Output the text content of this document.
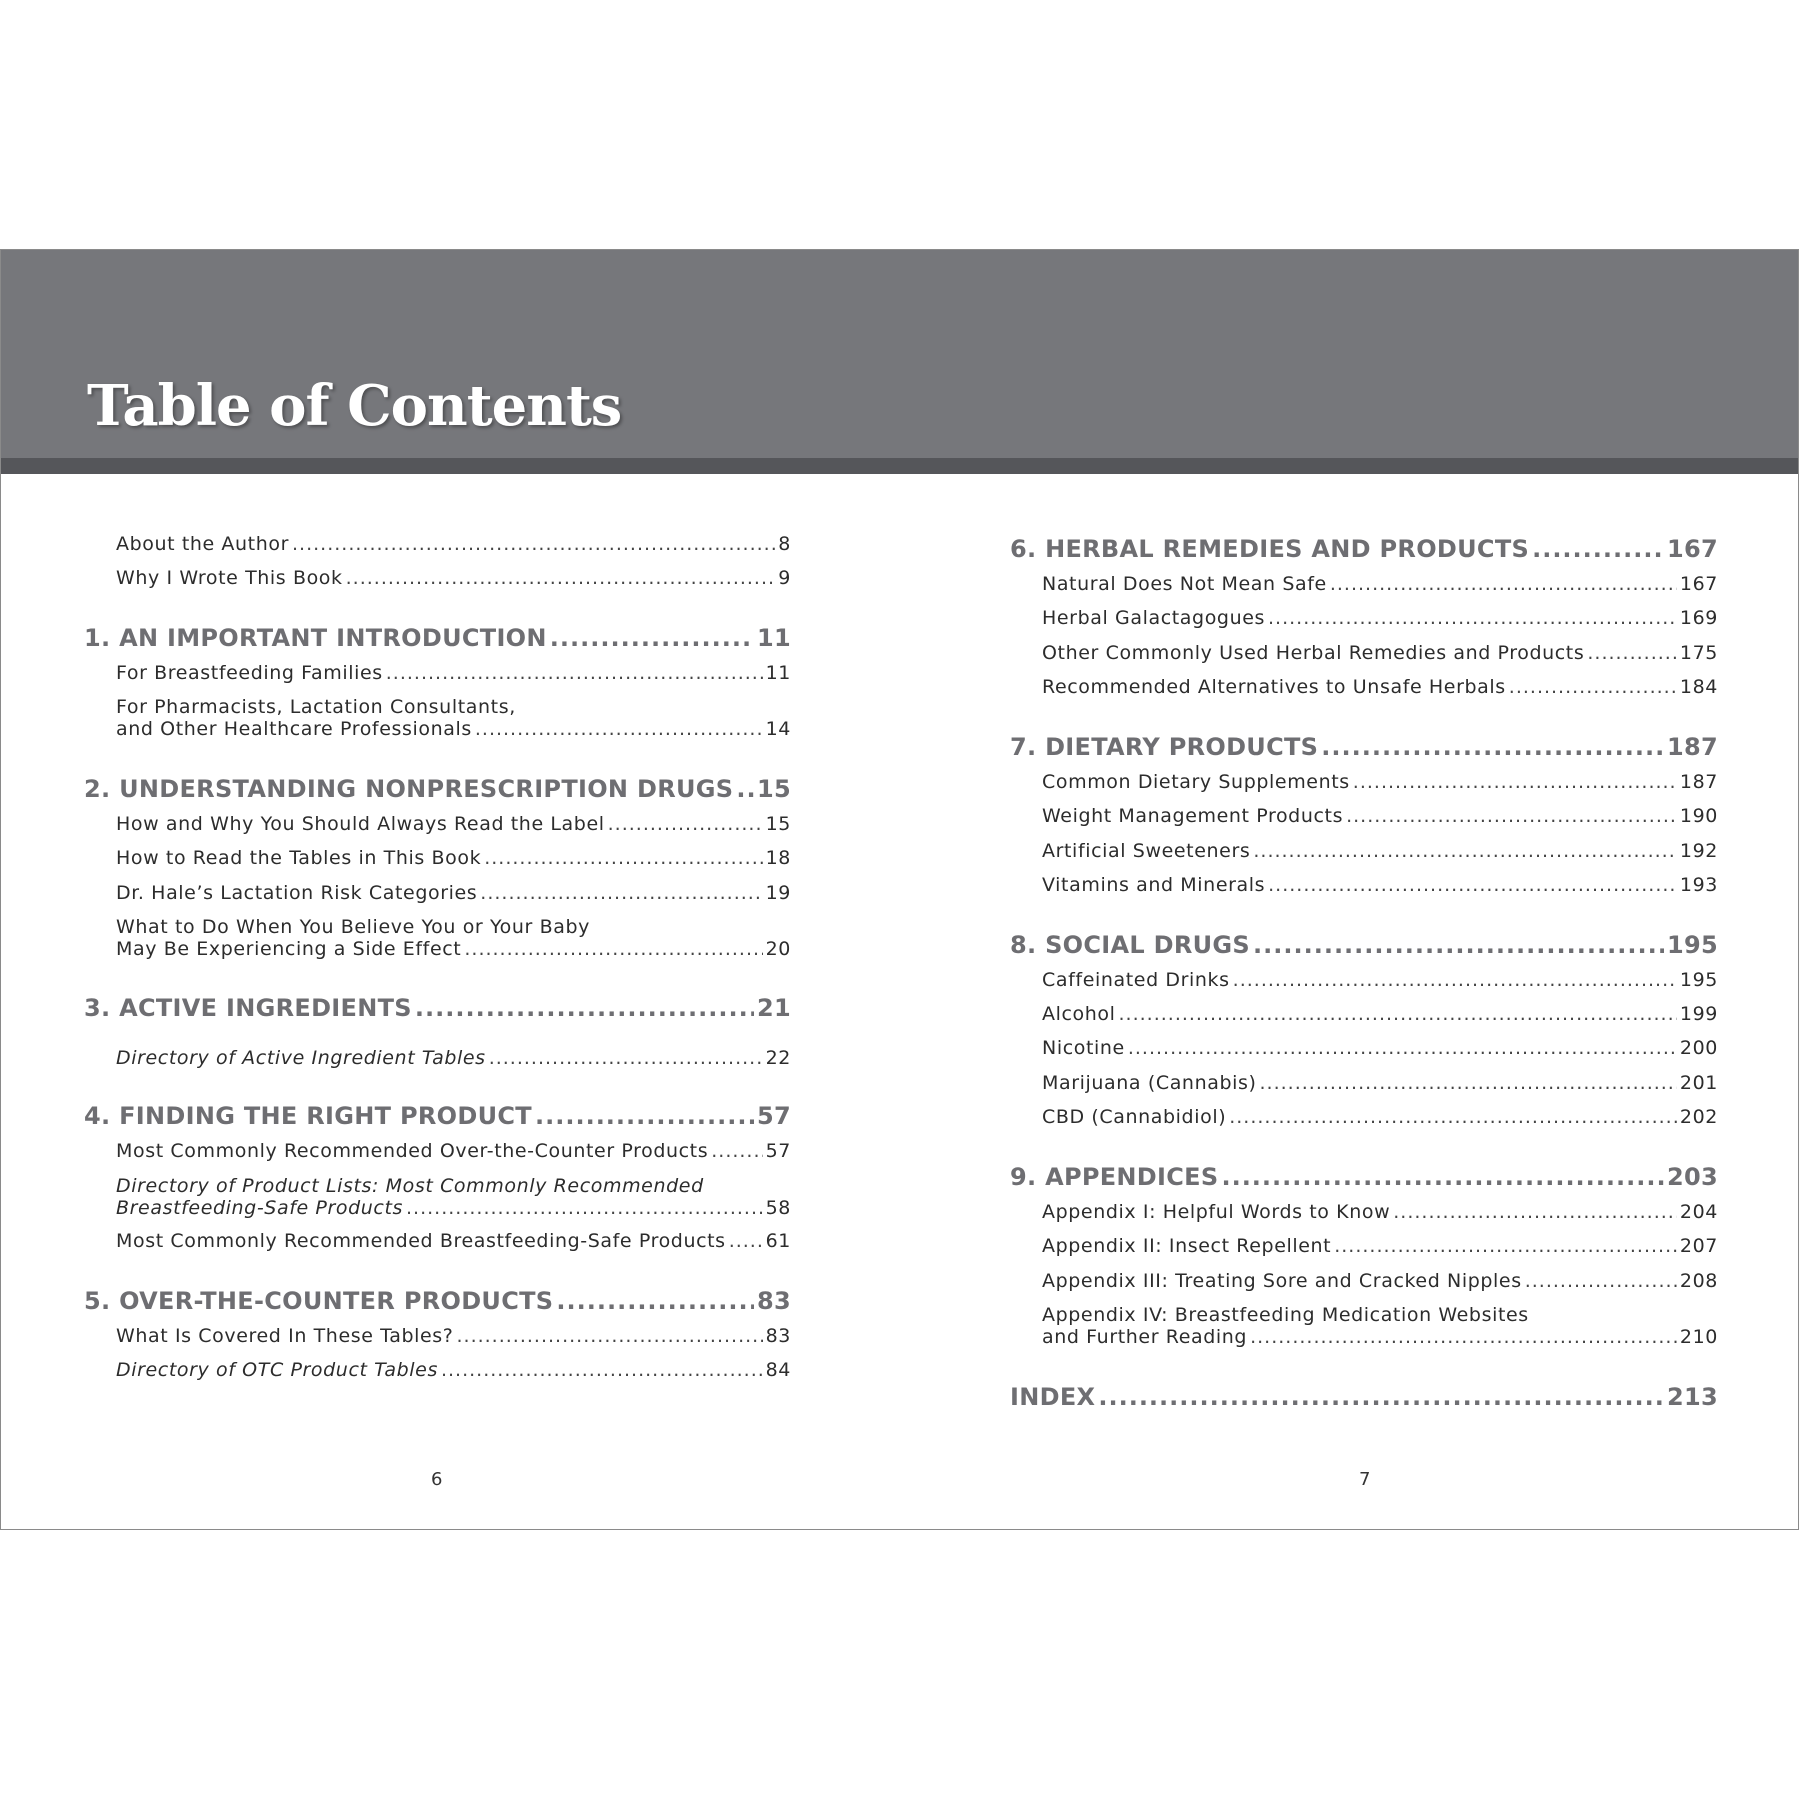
Table of Contents
About the Author .....	8
Why I Wrote This Book .....	9
1. AN IMPORTANT INTRODUCTION .....	11
For Breastfeeding Families .....	11
For Pharmacists, Lactation Consultants,
and Other Healthcare Professionals .....	14
2. UNDERSTANDING NONPRESCRIPTION DRUGS ..... 15
How and Why You Should Always Read the Label .....	15
How to Read the Tables in This Book .....	18
Dr. Hale’s Lactation Risk Categories .....	19
What to Do When You Believe You or Your Baby
May Be Experiencing a Side Effect .....	20
3. ACTIVE INGREDIENTS .....	21
Directory of Active Ingredient Tables .....	22
4. FINDING THE RIGHT PRODUCT .....	57
Most Commonly Recommended Over-the-Counter Products .....	57
Directory of Product Lists: Most Commonly Recommended
Breastfeeding-Safe Products .....	58
Most Commonly Recommended Breastfeeding-Safe Products ..... 61
5. OVER-THE-COUNTER PRODUCTS .....	83
What Is Covered In These Tables? .....	83
Directory of OTC Product Tables .....	84
6. HERBAL REMEDIES AND PRODUCTS .....	167
Natural Does Not Mean Safe .....	167
Herbal Galactagogues .....	169
Other Commonly Used Herbal Remedies and Products .....	175
Recommended Alternatives to Unsafe Herbals .....	184
7. DIETARY PRODUCTS .....	187
Common Dietary Supplements .....	187
Weight Management Products .....	190
Artificial Sweeteners .....	192
Vitamins and Minerals .....	193
8. SOCIAL DRUGS .....	195
Caffeinated Drinks .....	195
Alcohol .....	199
Nicotine .....	200
Marijuana (Cannabis) .....	201
CBD (Cannabidiol) .....	202
9. APPENDICES .....	203
Appendix I: Helpful Words to Know .....	204
Appendix II: Insect Repellent .....	207
Appendix III: Treating Sore and Cracked Nipples .....	208
Appendix IV: Breastfeeding Medication Websites
and Further Reading .....	210
INDEX .....	213
6	7
